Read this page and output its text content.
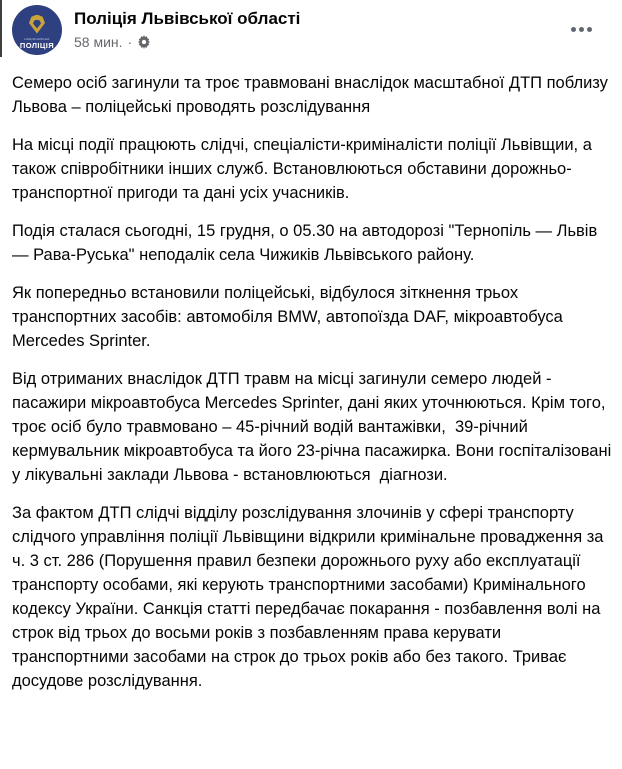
НАЦІОНАЛЬНА
ПОЛІЦІЯ
Поліція Львівської області
58 мин. ·

Семеро осіб загинули та троє травмовані внаслідок масштабної ДТП поблизу Львова – поліцейські проводять розслідування

На місці події працюють слідчі, спеціалісти-криміналісти поліції Львівщии, а також співробітники інших служб. Встановлюються обставини дорожньо-транспортної пригоди та дані усіх учасників.

Подія сталася сьогодні, 15 грудня, о 05.30 на автодорозі "Тернопіль — Львів — Рава-Руська" неподалік села Чижиків Львівського району.

Як попередньо встановили поліцейські, відбулося зіткнення трьох транспортних засобів: автомобіля BMW, автопоїзда DAF, мікроавтобуса Mercedes Sprinter.

Від отриманих внаслідок ДТП травм на місці загинули семеро людей - пасажири мікроавтобуса Mercedes Sprinter, дані яких уточнюються. Крім того, троє осіб було травмовано – 45-річний водій вантажівки,  39-річний кермувальник мікроавтобуса та його 23-річна пасажирка. Вони госпіталізовані у лікувальні заклади Львова - встановлюються  діагнози.

За фактом ДТП слідчі відділу розслідування злочинів у сфері транспорту слідчого управління поліції Львівщини відкрили кримінальне провадження за ч. 3 ст. 286 (Порушення правил безпеки дорожнього руху або експлуатації транспорту особами, які керують транспортними засобами) Кримінального кодексу України. Санкція статті передбачає покарання - позбавлення волі на строк від трьох до восьми років з позбавленням права керувати транспортними засобами на строк до трьох років або без такого. Триває досудове розслідування.
